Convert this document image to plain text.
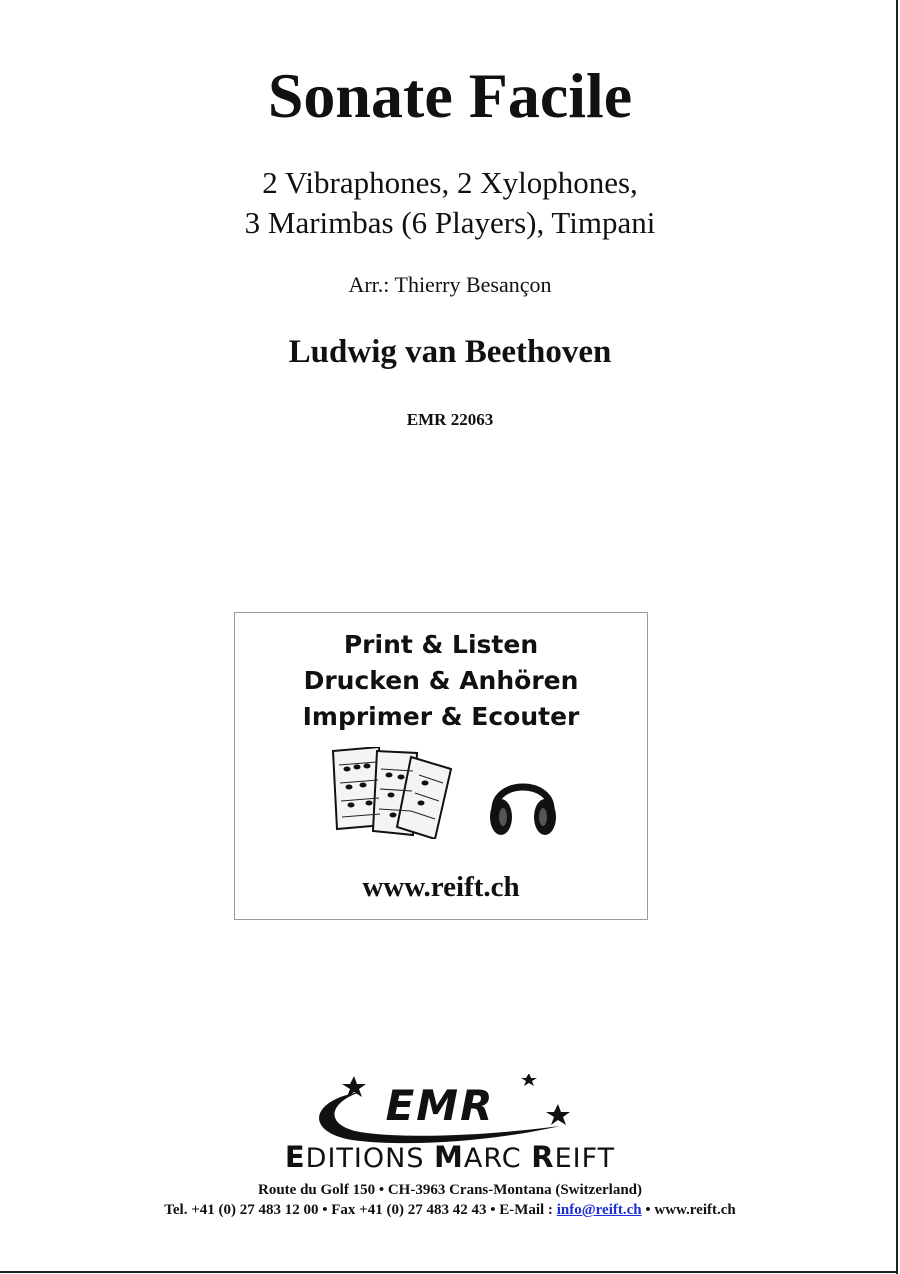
Sonate Facile
2 Vibraphones, 2 Xylophones,
3 Marimbas (6 Players), Timpani
Arr.: Thierry Besançon
Ludwig van Beethoven
EMR 22063
Print & Listen
Drucken & Anhören
Imprimer & Ecouter
www.reift.ch
EMR
EDITIONS MARC REIFT
Route du Golf 150 • CH-3963 Crans-Montana (Switzerland)
Tel. +41 (0) 27 483 12 00 • Fax +41 (0) 27 483 42 43 • E-Mail : info@reift.ch • www.reift.ch
